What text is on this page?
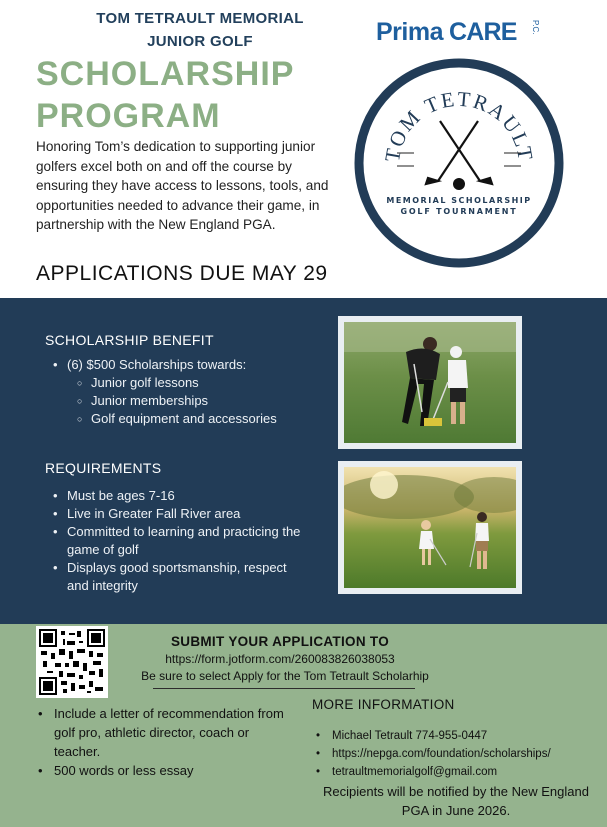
TOM TETRAULT MEMORIAL
JUNIOR GOLF
SCHOLARSHIP
PROGRAM
Honoring Tom’s dedication to supporting junior golfers excel both on and off the course by ensuring they have access to lessons, tools, and opportunities needed to advance their game, in partnership with the New England PGA.
APPLICATIONS DUE MAY 29
Prima CARE P.C.
TOM TETRAULT
MEMORIAL SCHOLARSHIP
GOLF TOURNAMENT
SCHOLARSHIP BENEFIT
• (6) $500 Scholarships towards:
○ Junior golf lessons
○ Junior memberships
○ Golf equipment and accessories
REQUIREMENTS
• Must be ages 7-16
• Live in Greater Fall River area
• Committed to learning and practicing the game of golf
• Displays good sportsmanship, respect and integrity
SUBMIT YOUR APPLICATION TO
https://form.jotform.com/260083826038053
Be sure to select Apply for the Tom Tetrault Scholarhip
• Include a letter of recommendation from golf pro, athletic director, coach or teacher.
• 500 words or less essay
MORE INFORMATION
• Michael Tetrault 774-955-0447
• https://nepga.com/foundation/scholarships/
• tetraultmemorialgolf@gmail.com
Recipients will be notified by the New England PGA in June 2026.
